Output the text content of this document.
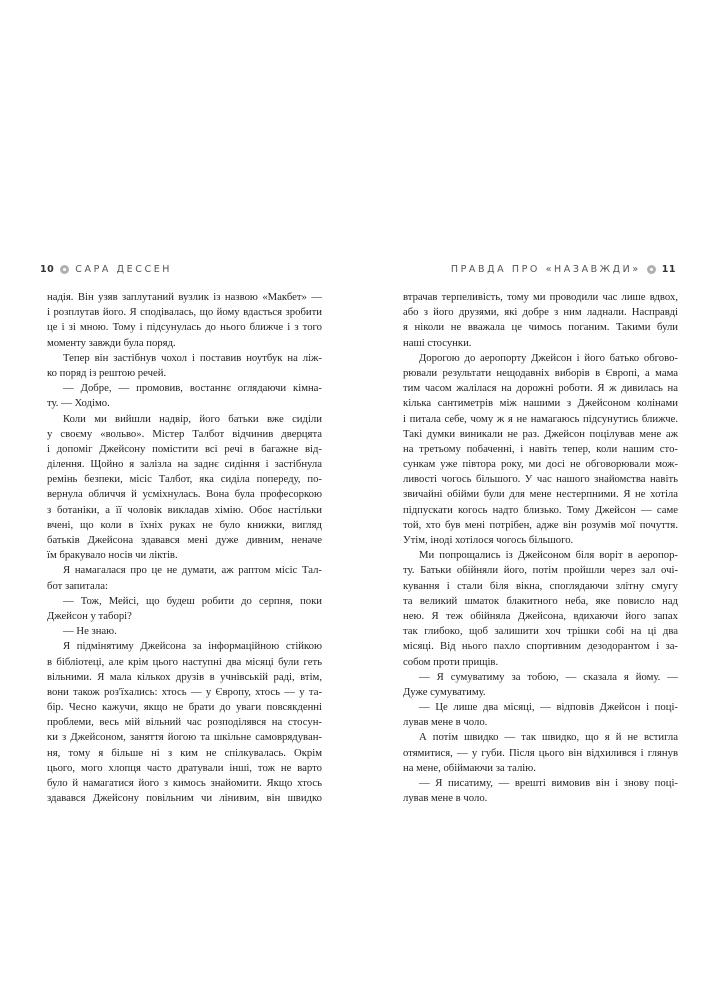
10 САРА ДЕССЕН	ПРАВДА ПРО «НАЗАВЖДИ» 11
надія. Він узяв заплутаний вузлик із назвою «Макбет» —
і розплутав його. Я сподівалась, що йому вдасться зробити
це і зі мною. Тому і підсунулась до нього ближче і з того
моменту завжди була поряд.
Тепер він застібнув чохол і поставив ноутбук на ліж-
ко поряд із рештою речей.
— Добре, — промовив, востаннє оглядаючи кімна-
ту. — Ходімо.
Коли ми вийшли надвір, його батьки вже сиділи
у своєму «вольво». Містер Талбот відчинив дверцята
і допоміг Джейсону помістити всі речі в багажне від-
ділення. Щойно я залізла на заднє сидіння і застібнула
ремінь безпеки, місіс Талбот, яка сиділа попереду, по-
вернула обличчя й усміхнулась. Вона була професоркою
з ботаніки, а її чоловік викладав хімію. Обоє настільки
вчені, що коли в їхніх руках не було книжки, вигляд
батьків Джейсона здавався мені дуже дивним, неначе
їм бракувало носів чи ліктів.
Я намагалася про це не думати, аж раптом місіс Тал-
бот запитала:
— Тож, Мейсі, що будеш робити до серпня, поки
Джейсон у таборі?
— Не знаю.
Я підмінятиму Джейсона за інформаційною стійкою
в бібліотеці, але крім цього наступні два місяці були геть
вільними. Я мала кількох друзів в учнівській раді, втім,
вони також роз'їхались: хтось — у Європу, хтось — у та-
бір. Чесно кажучи, якщо не брати до уваги повсякденні
проблеми, весь мій вільний час розподілявся на стосун-
ки з Джейсоном, заняття йогою та шкільне самоврядуван-
ня, тому я більше ні з ким не спілкувалась. Окрім
цього, мого хлопця часто дратували інші, тож не варто
було й намагатися його з кимось знайомити. Якщо хтось
здавався Джейсону повільним чи лінивим, він швидко
втрачав терпеливість, тому ми проводили час лише вдвох,
або з його друзями, які добре з ним ладнали. Насправді
я ніколи не вважала це чимось поганим. Такими були
наші стосунки.
Дорогою до аеропорту Джейсон і його батько обгово-
рювали результати нещодавніх виборів в Європі, а мама
тим часом жалілася на дорожні роботи. Я ж дивилась на
кілька сантиметрів між нашими з Джейсоном колінами
і питала себе, чому ж я не намагаюсь підсунутись ближче.
Такі думки виникали не раз. Джейсон поцілував мене аж
на третьому побаченні, і навіть тепер, коли нашим сто-
сункам уже півтора року, ми досі не обговорювали мож-
ливості чогось більшого. У час нашого знайомства навіть
звичайні обійми були для мене нестерпними. Я не хотіла
підпускати когось надто близько. Тому Джейсон — саме
той, хто був мені потрібен, адже він розумів мої почуття.
Утім, іноді хотілося чогось більшого.
Ми попрощались із Джейсоном біля воріт в аеропор-
ту. Батьки обійняли його, потім пройшли через зал очі-
кування і стали біля вікна, споглядаючи злітну смугу
та великий шматок блакитного неба, яке повисло над
нею. Я теж обійняла Джейсона, вдихаючи його запах
так глибоко, щоб залишити хоч трішки собі на ці два
місяці. Від нього пахло спортивним дезодорантом і за-
собом проти прищів.
— Я сумуватиму за тобою, — сказала я йому. —
Дуже сумуватиму.
— Це лише два місяці, — відповів Джейсон і поці-
лував мене в чоло.
А потім швидко — так швидко, що я й не встигла
отямитися, — у губи. Після цього він відхилився і глянув
на мене, обіймаючи за талію.
— Я писатиму, — врешті вимовив він і знову поці-
лував мене в чоло.
